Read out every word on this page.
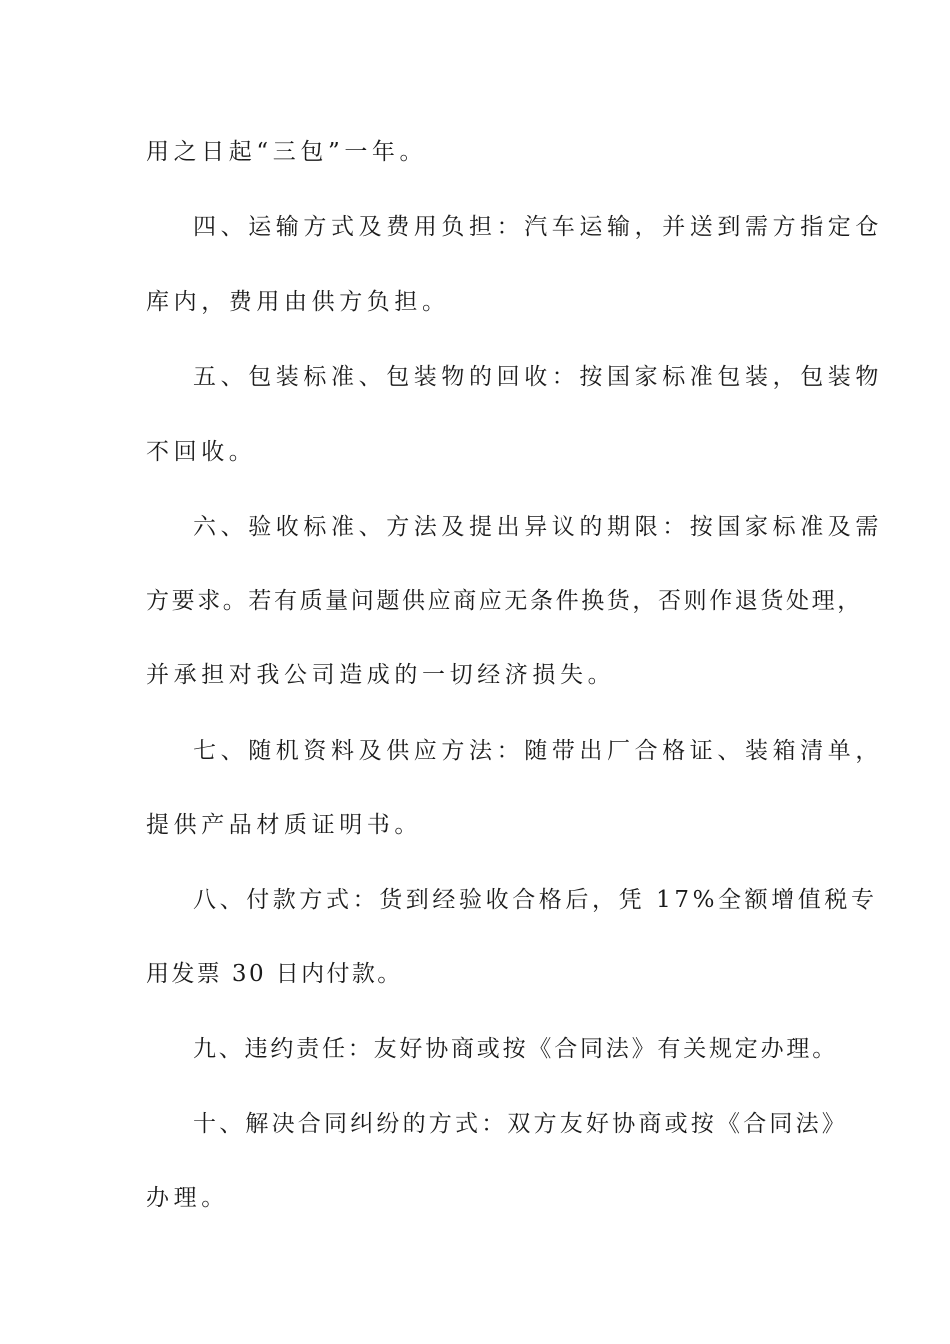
用之日起“三包”一年。
四、运输方式及费用负担：汽车运输，并送到需方指定仓
库内，费用由供方负担。
五、包装标准、包装物的回收：按国家标准包装，包装物
不回收。
六、验收标准、方法及提出异议的期限：按国家标准及需
方要求。若有质量问题供应商应无条件换货，否则作退货处理，
并承担对我公司造成的一切经济损失。
七、随机资料及供应方法：随带出厂合格证、装箱清单，
提供产品材质证明书。
八、付款方式：货到经验收合格后，凭 17%全额增值税专
用发票 30 日内付款。
九、违约责任：友好协商或按《合同法》有关规定办理。
十、解决合同纠纷的方式：双方友好协商或按《合同法》
办理。
